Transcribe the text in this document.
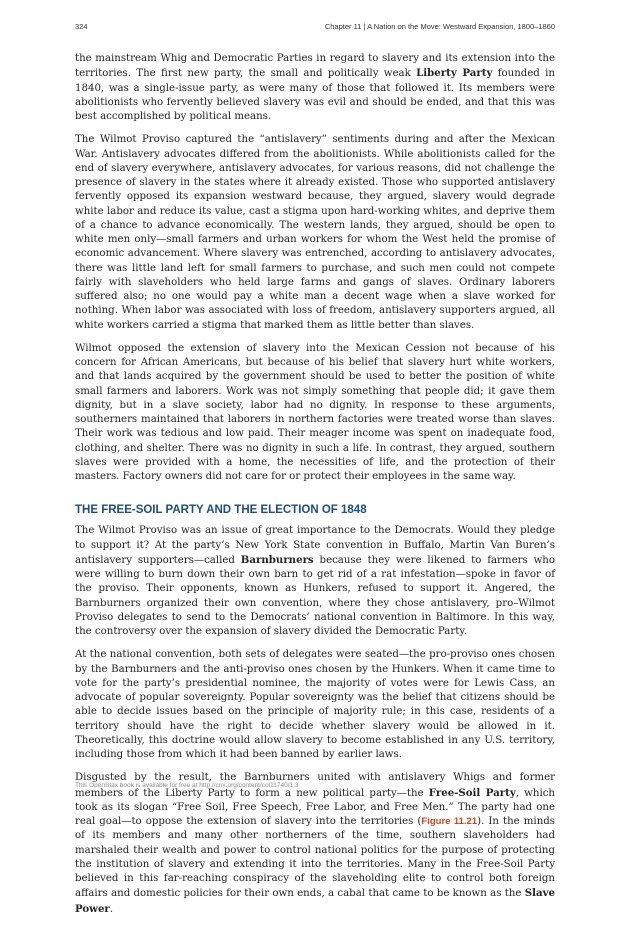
324	Chapter 11 | A Nation on the Move: Westward Expansion, 1800–1860

the mainstream Whig and Democratic Parties in regard to slavery and its extension into the territories. The first new party, the small and politically weak Liberty Party founded in 1840, was a single-issue party, as were many of those that followed it. Its members were abolitionists who fervently believed slavery was evil and should be ended, and that this was best accomplished by political means.

The Wilmot Proviso captured the “antislavery” sentiments during and after the Mexican War. Antislavery advocates differed from the abolitionists. While abolitionists called for the end of slavery everywhere, antislavery advocates, for various reasons, did not challenge the presence of slavery in the states where it already existed. Those who supported antislavery fervently opposed its expansion westward because, they argued, slavery would degrade white labor and reduce its value, cast a stigma upon hard-working whites, and deprive them of a chance to advance economically. The western lands, they argued, should be open to white men only—small farmers and urban workers for whom the West held the promise of economic advancement. Where slavery was entrenched, according to antislavery advocates, there was little land left for small farmers to purchase, and such men could not compete fairly with slaveholders who held large farms and gangs of slaves. Ordinary laborers suffered also; no one would pay a white man a decent wage when a slave worked for nothing. When labor was associated with loss of freedom, antislavery supporters argued, all white workers carried a stigma that marked them as little better than slaves.

Wilmot opposed the extension of slavery into the Mexican Cession not because of his concern for African Americans, but because of his belief that slavery hurt white workers, and that lands acquired by the government should be used to better the position of white small farmers and laborers. Work was not simply something that people did; it gave them dignity, but in a slave society, labor had no dignity. In response to these arguments, southerners maintained that laborers in northern factories were treated worse than slaves. Their work was tedious and low paid. Their meager income was spent on inadequate food, clothing, and shelter. There was no dignity in such a life. In contrast, they argued, southern slaves were provided with a home, the necessities of life, and the protection of their masters. Factory owners did not care for or protect their employees in the same way.

THE FREE-SOIL PARTY AND THE ELECTION OF 1848

The Wilmot Proviso was an issue of great importance to the Democrats. Would they pledge to support it? At the party’s New York State convention in Buffalo, Martin Van Buren’s antislavery supporters—called Barnburners because they were likened to farmers who were willing to burn down their own barn to get rid of a rat infestation—spoke in favor of the proviso. Their opponents, known as Hunkers, refused to support it. Angered, the Barnburners organized their own convention, where they chose antislavery, pro–Wilmot Proviso delegates to send to the Democrats’ national convention in Baltimore. In this way, the controversy over the expansion of slavery divided the Democratic Party.

At the national convention, both sets of delegates were seated—the pro-proviso ones chosen by the Barnburners and the anti-proviso ones chosen by the Hunkers. When it came time to vote for the party’s presidential nominee, the majority of votes were for Lewis Cass, an advocate of popular sovereignty. Popular sovereignty was the belief that citizens should be able to decide issues based on the principle of majority rule; in this case, residents of a territory should have the right to decide whether slavery would be allowed in it. Theoretically, this doctrine would allow slavery to become established in any U.S. territory, including those from which it had been banned by earlier laws.

Disgusted by the result, the Barnburners united with antislavery Whigs and former members of the Liberty Party to form a new political party—the Free-Soil Party, which took as its slogan “Free Soil, Free Speech, Free Labor, and Free Men.” The party had one real goal—to oppose the extension of slavery into the territories (Figure 11.21). In the minds of its members and many other northerners of the time, southern slaveholders had marshaled their wealth and power to control national politics for the purpose of protecting the institution of slavery and extending it into the territories. Many in the Free-Soil Party believed in this far-reaching conspiracy of the slaveholding elite to control both foreign affairs and domestic policies for their own ends, a cabal that came to be known as the Slave Power.

This OpenStax book is available for free at http://cnx.org/content/col11740/1.3
